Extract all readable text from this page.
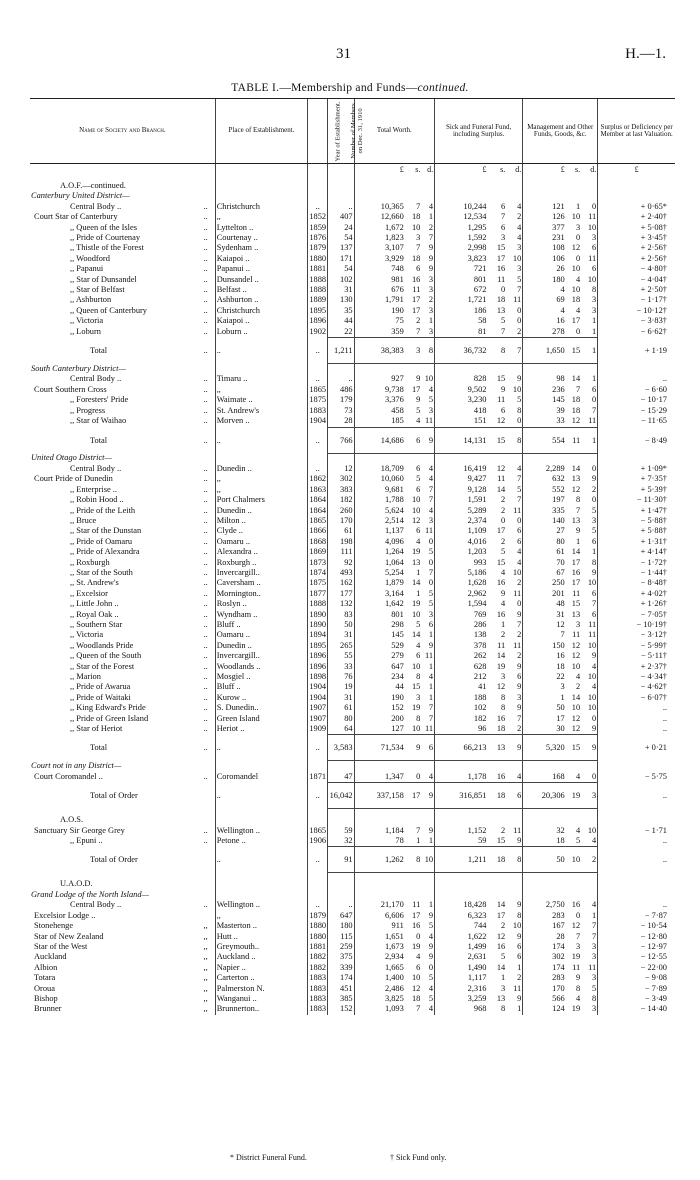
31	H.—1.
TABLE I.—Membership and Funds—continued.
Name of Society and Branch.	Place of Establishment.	Year of Establishment.	Number of Members on Dec. 31, 1910	Total Worth.			Sick and Funeral Fund, including Surplus.			Management and Other Funds, Goods, &c.			Surplus or Deficiency per Member at last Valuation.
				£	s.	d.	£	s.	d.	£	s.	d.	£

A.O.F.—continued.													
Canterbury United District—													
Central Body .. ..	Christchurch	..	..	10,365	7	4	10,244	6	4	121	1	0	+ 0·65*
Court Star of Canterbury ..	,,	1852	407	12,660	18	1	12,534	7	2	126	10	11	+ 2·40†
,, Queen of the Isles ..	Lyttelton ..	1859	24	1,672	10	2	1,295	6	4	377	3	10	+ 5·08†
,, Pride of Courtenay ..	Courtenay ..	1876	54	1,823	3	7	1,592	3	4	231	0	3	+ 3·45†
,, Thistle of the Forest ..	Sydenham ..	1879	137	3,107	7	9	2,998	15	3	108	12	6	+ 2·56†
,, Woodford ..	Kaiapoi ..	1880	171	3,929	18	9	3,823	17	10	106	0	11	+ 2·56†
,, Papanui ..	Papanui ..	1881	54	748	6	9	721	16	3	26	10	6	− 4·80†
,, Star of Dunsandel ..	Dunsandel ..	1888	102	981	16	3	801	11	5	180	4	10	− 4·04†
,, Star of Belfast ..	Belfast ..	1888	31	676	11	3	672	0	7	4	10	8	+ 2·50†
,, Ashburton ..	Ashburton ..	1889	130	1,791	17	2	1,721	18	11	69	18	3	− 1·17†
,, Queen of Canterbury ..	Christchurch	1895	35	190	17	3	186	13	0	4	4	3	− 10·12†
,, Victoria ..	Kaiapoi ..	1896	44	75	2	1	58	5	0	16	17	1	− 3·83†
,, Loburn ..	Loburn ..	1902	22	359	7	3	81	7	2	278	0	1	− 6·62†
Total ..	..	..	1,211	38,383	3	8	36,732	8	7	1,650	15	1	+ 1·19
South Canterbury District—													
Central Body .. ..	Timaru ..	..	..	927	9	10	828	15	9	98	14	1	..
Court Southern Cross ..	,,	1865	486	9,738	17	4	9,502	9	10	236	7	6	− 6·60
,, Foresters' Pride ..	Waimate ..	1875	179	3,376	9	5	3,230	11	5	145	18	0	− 10·17
,, Progress ..	St. Andrew's	1883	73	458	5	3	418	6	8	39	18	7	− 15·29
,, Star of Waihao ..	Morven ..	1904	28	185	4	11	151	12	0	33	12	11	− 11·65
Total ..	..	..	766	14,686	6	9	14,131	15	8	554	11	1	− 8·49
United Otago District—													
Central Body .. ..	Dunedin ..	..	12	18,709	6	4	16,419	12	4	2,289	14	0	+ 1·09*
Court Pride of Dunedin ..	,,	1862	302	10,060	5	4	9,427	11	7	632	13	9	+ 7·35†
,, Enterprise .. ..	,,	1863	383	9,681	6	7	9,128	14	5	552	12	2	+ 5·39†
,, Robin Hood .. ..	Port Chalmers	1864	182	1,788	10	7	1,591	2	7	197	8	0	− 11·30†
,, Pride of the Leith ..	Dunedin ..	1864	260	5,624	10	4	5,289	2	11	335	7	5	+ 1·47†
,, Bruce ..	Milton ..	1865	170	2,514	12	3	2,374	0	0	140	13	3	− 5·88†
,, Star of the Dunstan ..	Clyde ..	1866	61	1,137	6	11	1,109	17	6	27	9	5	+ 5·88†
,, Pride of Oamaru ..	Oamaru ..	1868	198	4,096	4	0	4,016	2	6	80	1	6	+ 1·31†
,, Pride of Alexandra ..	Alexandra ..	1869	111	1,264	19	5	1,203	5	4	61	14	1	+ 4·14†
,, Roxburgh ..	Roxburgh ..	1873	92	1,064	13	0	993	15	4	70	17	8	− 1·72†
,, Star of the South ..	Invercargill..	1874	493	5,254	1	7	5,186	4	10	67	16	9	− 1·44†
,, St. Andrew's ..	Caversham ..	1875	162	1,879	14	0	1,628	16	2	250	17	10	− 8·48†
,, Excelsior ..	Mornington..	1877	177	3,164	1	5	2,962	9	11	201	11	6	+ 4·02†
,, Little John .. ..	Roslyn ..	1888	132	1,642	19	5	1,594	4	0	48	15	7	+ 1·26†
,, Royal Oak .. ..	Wyndham ..	1890	83	801	10	3	769	16	9	31	13	6	− 7·05†
,, Southern Star ..	Bluff ..	1890	50	298	5	6	286	1	7	12	3	11	− 10·19†
,, Victoria ..	Oamaru ..	1894	31	145	14	1	138	2	2	7	11	11	− 3·12†
,, Woodlands Pride ..	Dunedin ..	1895	265	529	4	9	378	11	11	150	12	10	− 5·99†
,, Queen of the South ..	Invercargill..	1896	55	279	6	11	262	14	2	16	12	9	− 5·11†
,, Star of the Forest ..	Woodlands ..	1896	33	647	10	1	628	19	9	18	10	4	+ 2·37†
,, Marion ..	Mosgiel ..	1898	76	234	8	4	212	3	6	22	4	10	− 4·34†
,, Pride of Awarua ..	Bluff ..	1904	19	44	15	1	41	12	9	3	2	4	− 4·62†
,, Pride of Waitaki ..	Kurow ..	1904	31	190	3	1	188	8	3	1	14	10	− 6·07†
,, King Edward's Pride ..	S. Dunedin..	1907	61	152	19	7	102	8	9	50	10	10	..
,, Pride of Green Island ..	Green Island	1907	80	200	8	7	182	16	7	17	12	0	..
,, Star of Heriot ..	Heriot ..	1909	64	127	10	11	96	18	2	30	12	9	..
Total ..	..	..	3,583	71,534	9	6	66,213	13	9	5,320	15	9	+ 0·21
Court not in any District—													
Court Coromandel .. ..	Coromandel	1871	47	1,347	0	4	1,178	16	4	168	4	0	− 5·75
Total of Order	..	..	16,042	337,158	17	9	316,851	18	6	20,306	19	3	..

A.O.S.													
Sanctuary Sir George Grey ..	Wellington ..	1865	59	1,184	7	9	1,152	2	11	32	4	10	− 1·71
,, Epuni .. ..	Petone ..	1906	32	78	1	1	59	15	9	18	5	4	..
Total of Order	..	..	91	1,262	8	10	1,211	18	8	50	10	2	..

U.A.O.D.													
Grand Lodge of the North Island—													
Central Body .. ..	Wellington ..	..	..	21,170	11	1	18,428	14	9	2,750	16	4	..
Excelsior Lodge ..	,,	1879	647	6,606	17	9	6,323	17	8	283	0	1	− 7·87
Stonehenge ,,	Masterton ..	1880	180	911	16	5	744	2	10	167	12	7	− 10·54
Star of New Zealand ,,	Hutt ..	1880	115	1,651	0	4	1,622	12	9	28	7	7	− 12·80
Star of the West ,,	Greymouth..	1881	259	1,673	19	9	1,499	16	6	174	3	3	− 12·97
Auckland ,,	Auckland ..	1882	375	2,934	4	9	2,631	5	6	302	19	3	− 12·55
Albion ,,	Napier ..	1882	339	1,665	6	0	1,490	14	1	174	11	11	− 22·00
Totara ,,	Carterton ..	1883	174	1,400	10	5	1,117	1	2	283	9	3	− 9·08
Oroua ,,	Palmerston N.	1883	451	2,486	12	4	2,316	3	11	170	8	5	− 7·89
Bishop ,,	Wanganui ..	1883	385	3,825	18	5	3,259	13	9	566	4	8	− 3·49
Brunner ,,	Brunnerton..	1883	152	1,093	7	4	968	8	1	124	19	3	− 14·40
* District Funeral Fund.	† Sick Fund only.
